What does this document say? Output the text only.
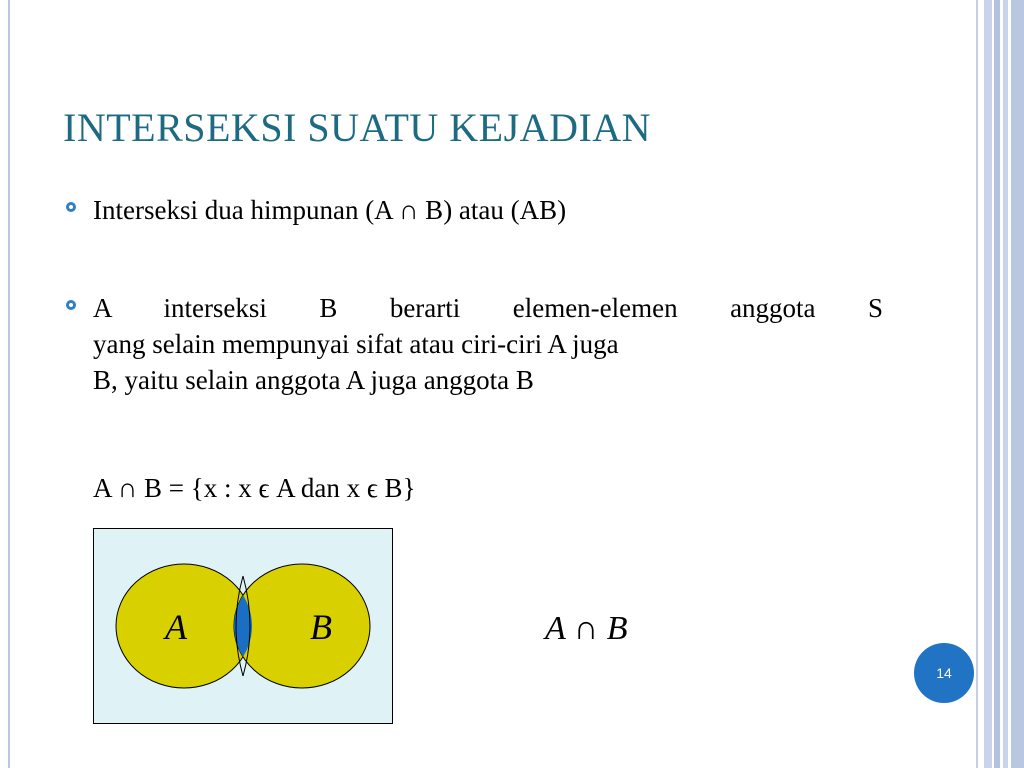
INTERSEKSI SUATU KEJADIAN
Interseksi dua himpunan (A ∩ B) atau (AB)
A interseksi B berarti elemen-elemen anggota S
yang selain mempunyai sifat atau ciri-ciri A juga
B, yaitu selain anggota A juga anggota B
A ∩ B = {x : x ϵ A dan x ϵ B}
A	B	A ∩ B
14
